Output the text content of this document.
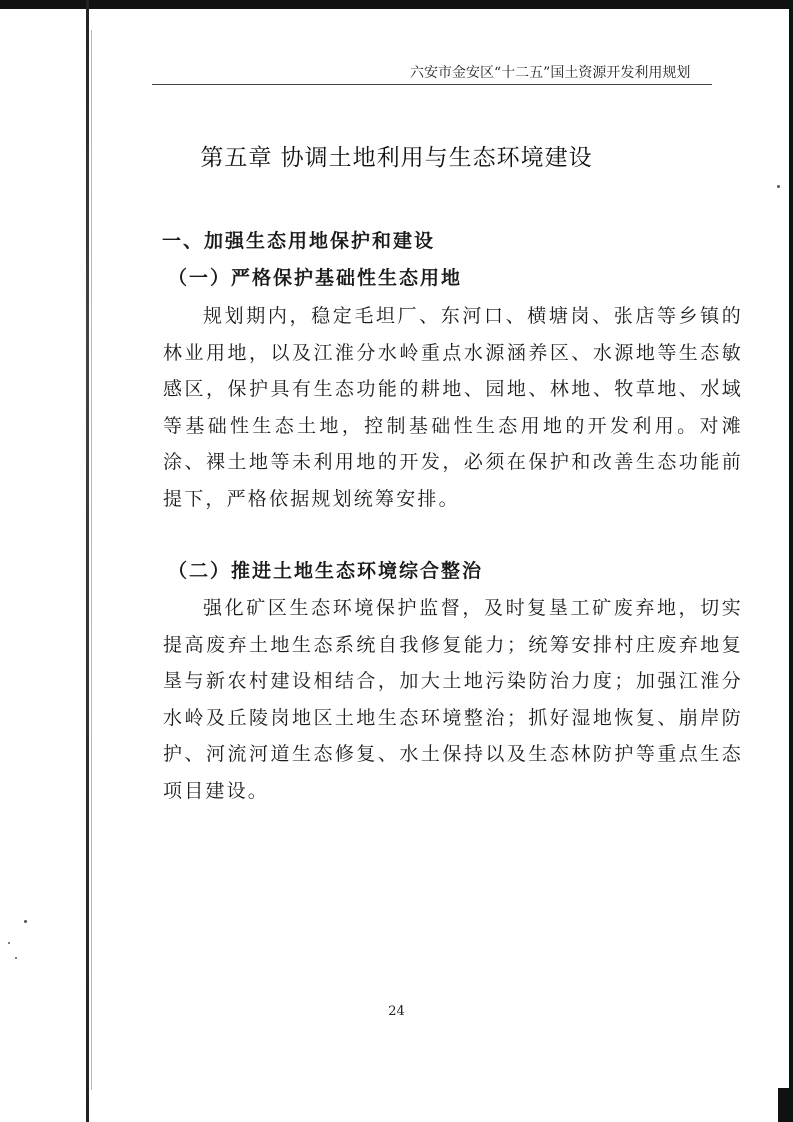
六安市金安区“十二五”国土资源开发利用规划
第五章 协调土地利用与生态环境建设
一、加强生态用地保护和建设
（一）严格保护基础性生态用地
规划期内，稳定毛坦厂、东河口、横塘岗、张店等乡镇的林业用地，以及江淮分水岭重点水源涵养区、水源地等生态敏感区，保护具有生态功能的耕地、园地、林地、牧草地、水域等基础性生态土地，控制基础性生态用地的开发利用。对滩涂、裸土地等未利用地的开发，必须在保护和改善生态功能前提下，严格依据规划统筹安排。
（二）推进土地生态环境综合整治
强化矿区生态环境保护监督，及时复垦工矿废弃地，切实提高废弃土地生态系统自我修复能力；统筹安排村庄废弃地复垦与新农村建设相结合，加大土地污染防治力度；加强江淮分水岭及丘陵岗地区土地生态环境整治；抓好湿地恢复、崩岸防护、河流河道生态修复、水土保持以及生态林防护等重点生态项目建设。
24
